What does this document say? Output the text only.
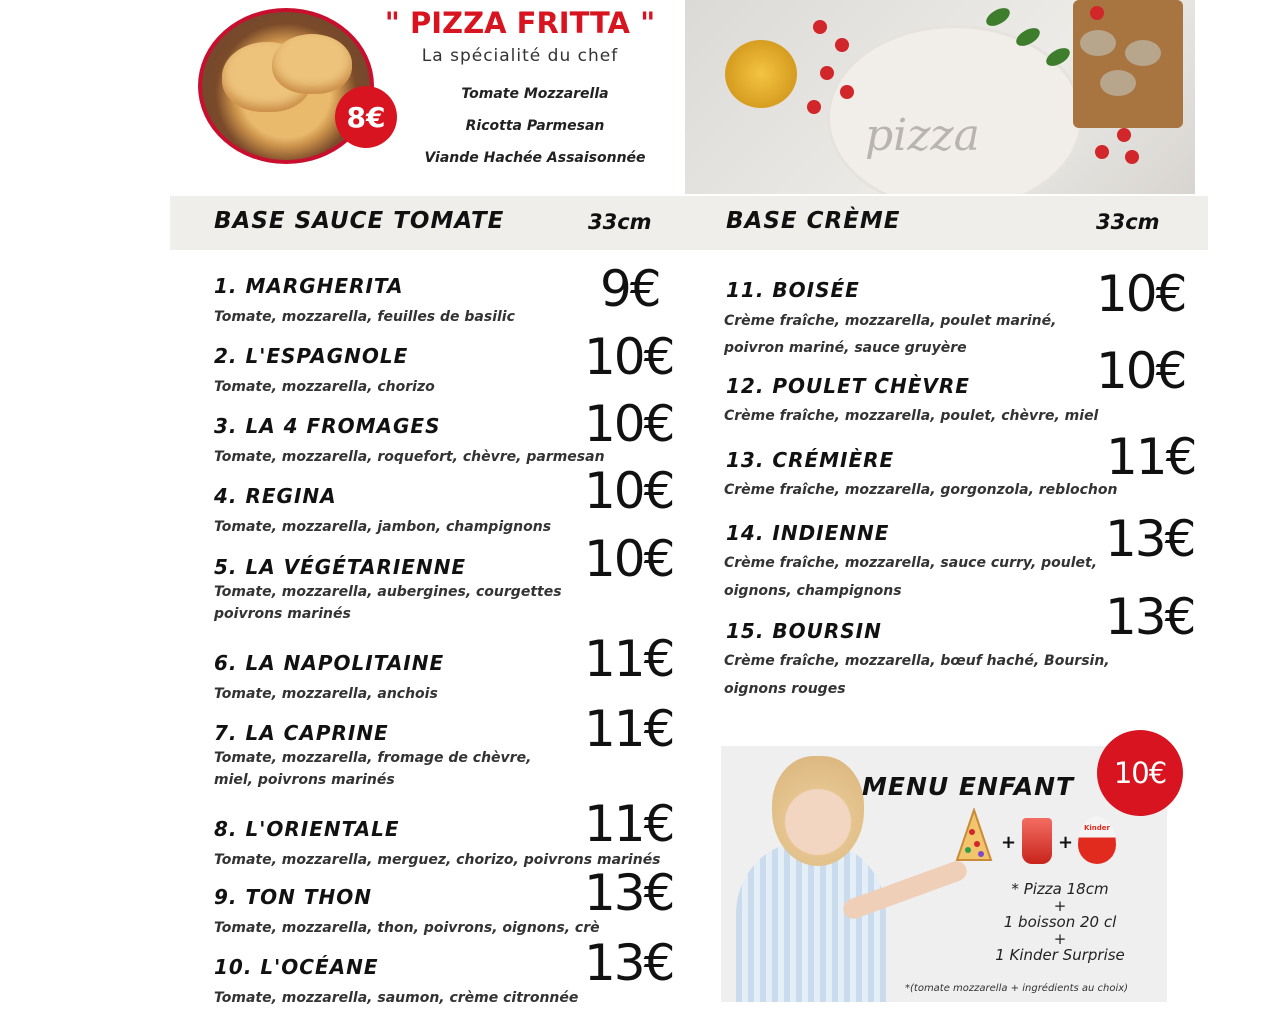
8€
" PIZZA FRITTA "
La spécialité du chef
Tomate Mozzarella
Ricotta Parmesan
Viande Hachée Assaisonnée	pizza
BASE SAUCE TOMATE	33cm	BASE CRÈME	33cm
1. MARGHERITA
Tomate, mozzarella, feuilles de basilic 9€
2. L'ESPAGNOLE
Tomate, mozzarella, chorizo
10€
3. LA 4 FROMAGES
Tomate, mozzarella, roquefort, chèvre, parmesan
10€
4. REGINA
Tomate, mozzarella, jambon, champignons
10€
5. LA VÉGÉTARIENNE
Tomate, mozzarella, aubergines, courgettes
poivrons marinés
10€
6. LA NAPOLITAINE
Tomate, mozzarella, anchois
11€
7. LA CAPRINE
Tomate, mozzarella, fromage de chèvre,
miel, poivrons marinés
11€
8. L'ORIENTALE
Tomate, mozzarella, merguez, chorizo, poivrons marinés
11€
9. TON THON
Tomate, mozzarella, thon, poivrons, oignons, crè
13€
10. L'OCÉANE
Tomate, mozzarella, saumon, crème citronnée
13€
11. BOISÉE
Crème fraîche, mozzarella, poulet mariné,
poivron mariné, sauce gruyère
10€
12. POULET CHÈVRE
Crème fraîche, mozzarella, poulet, chèvre, miel
10€
13. CRÉMIÈRE
Crème fraîche, mozzarella, gorgonzola, reblochon
11€
14. INDIENNE
Crème fraîche, mozzarella, sauce curry, poulet,
oignons, champignons
13€
15. BOURSIN
Crème fraîche, mozzarella, bœuf haché, Boursin,
oignons rouges
13€
MENU ENFANT	10€
+ +
Kinder
* Pizza 18cm
+
1 boisson 20 cl
+
1 Kinder Surprise
*(tomate mozzarella + ingrédients au choix)
